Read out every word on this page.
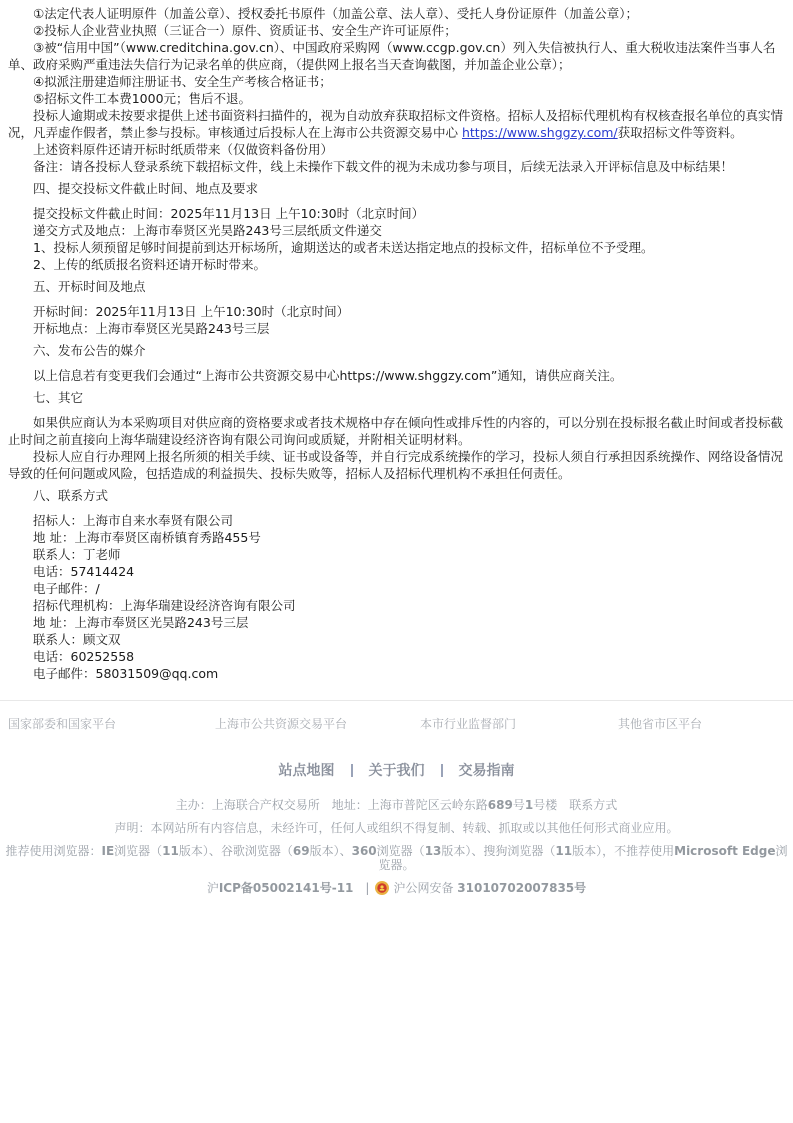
①法定代表人证明原件（加盖公章）、授权委托书原件（加盖公章、法人章）、受托人身份证原件（加盖公章）；

②投标人企业营业执照（三证合一）原件、资质证书、安全生产许可证原件；

③被“信用中国”（www.creditchina.gov.cn）、中国政府采购网（www.ccgp.gov.cn）列入失信被执行人、重大税收违法案件当事人名单、政府采购严重违法失信行为记录名单的供应商，（提供网上报名当天查询截图，并加盖企业公章）；

④拟派注册建造师注册证书、安全生产考核合格证书；

⑤招标文件工本费1000元；售后不退。

投标人逾期或未按要求提供上述书面资料扫描件的，视为自动放弃获取招标文件资格。招标人及招标代理机构有权核查报名单位的真实情况，凡弄虚作假者，禁止参与投标。审核通过后投标人在上海市公共资源交易中心 https://www.shggzy.com/获取招标文件等资料。

上述资料原件还请开标时纸质带来（仅做资料备份用）

备注：请各投标人登录系统下载招标文件，线上未操作下载文件的视为未成功参与项目，后续无法录入开评标信息及中标结果！

四、提交投标文件截止时间、地点及要求

提交投标文件截止时间：2025年11月13日 上午10:30时（北京时间）

递交方式及地点：上海市奉贤区光昊路243号三层纸质文件递交

1、投标人须预留足够时间提前到达开标场所，逾期送达的或者未送达指定地点的投标文件，招标单位不予受理。

2、上传的纸质报名资料还请开标时带来。

五、开标时间及地点

开标时间：2025年11月13日 上午10:30时（北京时间）

开标地点：上海市奉贤区光昊路243号三层

六、发布公告的媒介

以上信息若有变更我们会通过“上海市公共资源交易中心https://www.shggzy.com”通知，请供应商关注。

七、其它

如果供应商认为本采购项目对供应商的资格要求或者技术规格中存在倾向性或排斥性的内容的，可以分别在投标报名截止时间或者投标截止时间之前直接向上海华瑞建设经济咨询有限公司询问或质疑，并附相关证明材料。

投标人应自行办理网上报名所须的相关手续、证书或设备等，并自行完成系统操作的学习，投标人须自行承担因系统操作、网络设备情况导致的任何问题或风险，包括造成的利益损失、投标失败等，招标人及招标代理机构不承担任何责任。

八、联系方式

招标人：上海市自来水奉贤有限公司

地 址：上海市奉贤区南桥镇育秀路455号

联系人：丁老师

电话：57414424

电子邮件：/

招标代理机构：上海华瑞建设经济咨询有限公司

地 址：上海市奉贤区光昊路243号三层

联系人：顾文双

电话：60252558

电子邮件：58031509@qq.com

国家部委和国家平台	上海市公共资源交易平台	本市行业监督部门	其他省市区平台
站点地图 关于我们 交易指南
主办：上海联合产权交易所　地址：上海市普陀区云岭东路689号1号楼　联系方式
声明：本网站所有内容信息，未经许可，任何人或组织不得复制、转载、抓取或以其他任何形式商业应用。
推荐使用浏览器：IE浏览器（11版本）、谷歌浏览器（69版本）、360浏览器（13版本）、搜狗浏览器（11版本），不推荐使用Microsoft Edge浏览器。
沪ICP备05002141号-11　| 沪公网安备 31010702007835号
